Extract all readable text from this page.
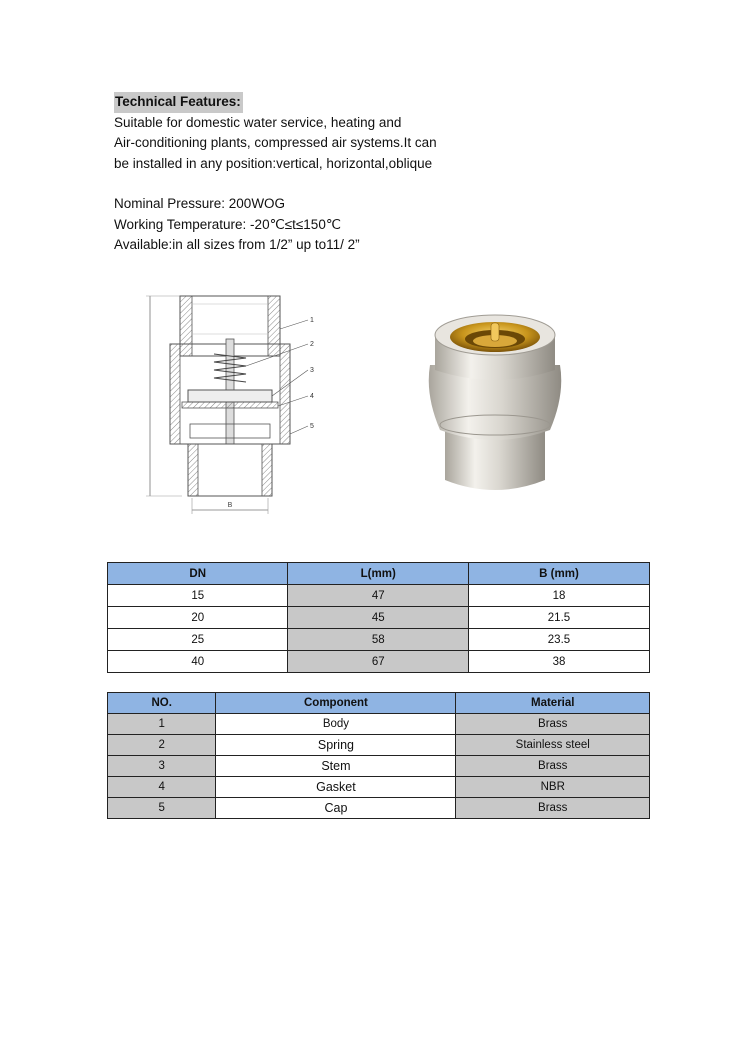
Technical Features:
Suitable for domestic water service, heating and
Air-conditioning plants, compressed air systems.It can
be installed in any position:vertical, horizontal,oblique
Nominal Pressure: 200WOG
Working Temperature: -20℃≤t≤150℃
Available:in all sizes from 1/2” up to11/ 2”
B
1
2
3
4
5
DN	L(mm)	B (mm)
15	47	18
20	45	21.5
25	58	23.5
40	67	38
NO.	Component	Material
1	Body	Brass
2	Spring	Stainless steel
3	Stem	Brass
4	Gasket	NBR
5	Cap	Brass
